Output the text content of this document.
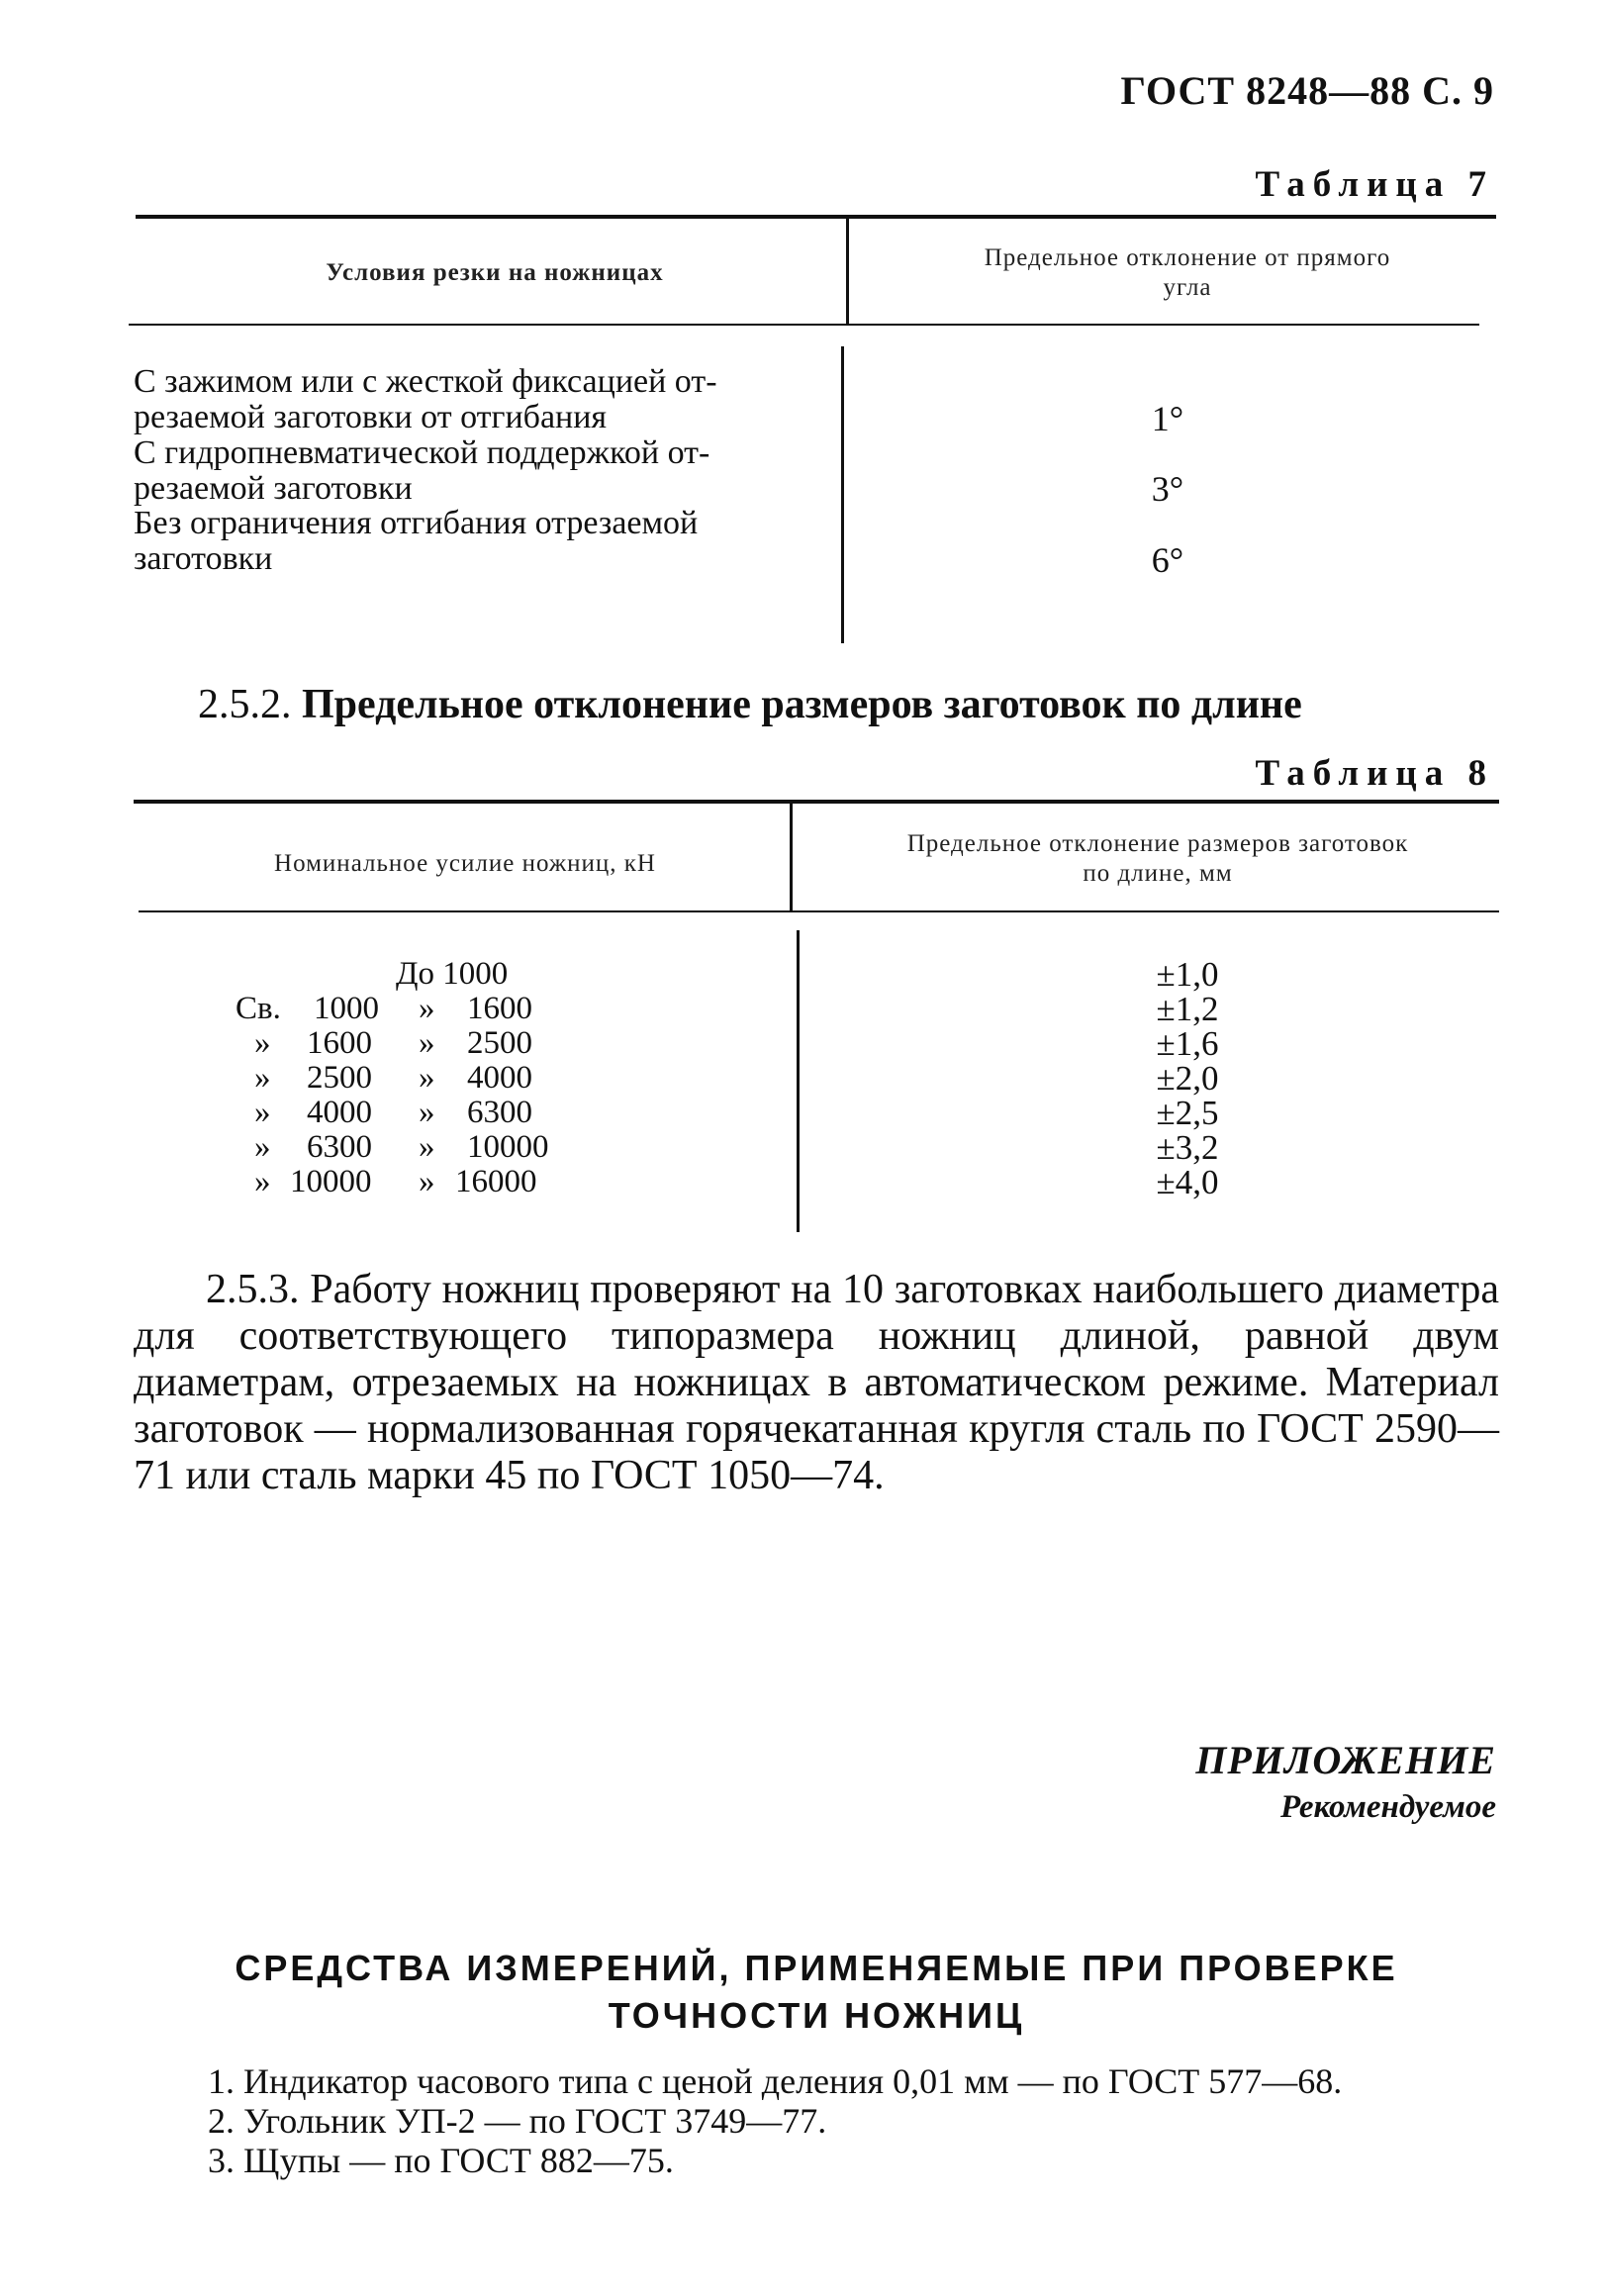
ГОСТ 8248—88 С. 9
Таблица 7
Условия резки на ножницах
Предельное отклонение от прямого
угла
С зажимом или с жесткой фиксацией от-
резаемой заготовки от отгибания
С гидропневматической поддержкой от-
резаемой заготовки
Без ограничения отгибания отрезаемой
заготовки
1°
3°
6°
2.5.2. Предельное отклонение размеров заготовок по длине
Таблица 8
Номинальное усилие ножниц, кН
Предельное отклонение размеров заготовок
по длине, мм
До 1000
Св. 1000 » 1600
» 1600 » 2500
» 2500 » 4000
» 4000 » 6300
» 6300 » 10000
» 10000 » 16000
±1,0
±1,2
±1,6
±2,0
±2,5
±3,2
±4,0
2.5.3. Работу ножниц проверяют на 10 заготовках наибольшего диаметра для соответствующего типоразмера ножниц длиной, равной двум диаметрам, отрезаемых на ножницах в автоматическом режиме. Материал заготовок — нормализованная горячекатанная кругля сталь по ГОСТ 2590—71 или сталь марки 45 по ГОСТ 1050—74.
ПРИЛОЖЕНИЕ
Рекомендуемое
СРЕДСТВА ИЗМЕРЕНИЙ, ПРИМЕНЯЕМЫЕ ПРИ ПРОВЕРКЕ
ТОЧНОСТИ НОЖНИЦ
1. Индикатор часового типа с ценой деления 0,01 мм — по ГОСТ 577—68.
2. Угольник УП-2 — по ГОСТ 3749—77.
3. Щупы — по ГОСТ 882—75.
